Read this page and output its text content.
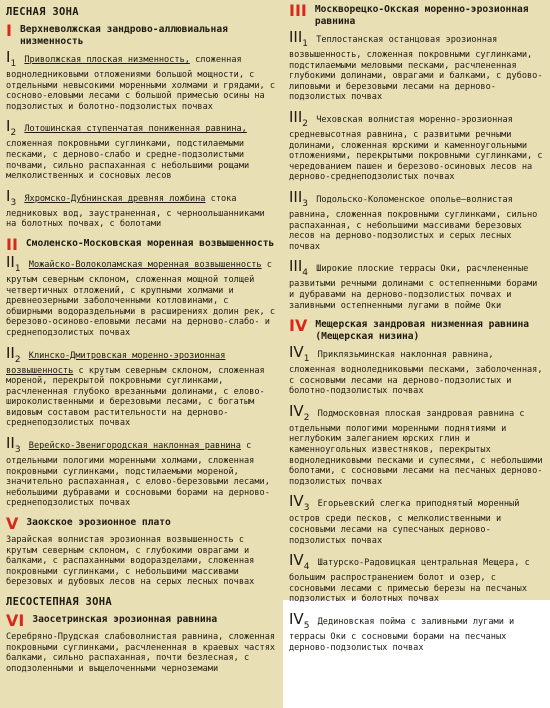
ЛЕСНАЯ ЗОНА
I Верхневолжская зандрово-аллювиальная низменность
$I_1$ Приволжская плоская низменность, сложенная водноледниковыми отложениями большой мощности, с отдельными невысокими моренными холмами и грядами, с сосново-еловыми лесами с большой примесью осины на подзолистых и болотно-подзолистых почвах
$I_2$ Лотошинская ступенчатая пониженная равнина, сложенная покровными суглинками, подстилаемыми песками, с дерново-слабо и средне-подзолистыми почвами, сильно распаханная с небольшими рощами мелколиственных и сосновых лесов
$I_3$ Яхромско-Дубнинская древняя ложбина стока ледниковых вод, заустраненная, с черноольшанниками на болотных почвах, с болотами
II Смоленско-Московская моренная возвышенность
$II_1$ Можайско-Волоколамская моренная возвышенность с крутым северным склоном, сложенная мощной толщей четвертичных отложений, с крупными холмами и древнеозерными заболоченными котловинами, с обширными водораздельными в расширениях долин рек, с березово-осиново-еловыми лесами на дерново-слабо- и среднеподзолистых почвах
$II_2$ Клинско-Дмитровская моренно-эрозионная возвышенность с крутым северным склоном, сложенная мореной, перекрытой покровными суглинками, расчлененная глубоко врезанными долинами, с елово-широколиственными и березовыми лесами, с богатым видовым составом растительности на дерново-среднеподзолистых почвах
$II_3$ Верейско-Звенигородская наклонная равнина с отдельными пологими моренными холмами, сложенная покровными суглинками, подстилаемыми мореной, значительно распаханная, с елово-березовыми лесами, небольшими дубравами и сосновыми борами на дерново-среднеподзолистых почвах
V Заокское эрозионное плато
Зарайская волнистая эрозионная возвышенность с крутым северным склоном, с глубокими оврагами и балками, с распаханными водоразделами, сложенная покровными суглинками, с небольшими массивами березовых и дубовых лесов на серых лесных почвах
ЛЕСОСТЕПНАЯ ЗОНА
VI Заосетринская эрозионная равнина
Серебряно-Прудская слабоволнистая равнина, сложенная покровными суглинками, расчлененная в краевых частях балками, сильно распаханная, почти безлесная, с оподзоленными и выщелоченными черноземами
III Москворецко-Окская моренно-эрозионная равнина
$III_1$ Теплостанская останцовая эрозионная возвышенность, сложенная покровными суглинками, подстилаемыми меловыми песками, расчлененная глубокими долинами, оврагами и балками, с дубово-липовыми и березовыми лесами на дерново-подзолистых почвах
$III_2$ Чеховская волнистая моренно-эрозионная средневысотная равнина, с развитыми речными долинами, сложенная юрскими и каменноугольными отложениями, перекрытыми покровными суглинками, с чередованием пашен и березово-осиновых лесов на дерново-среднеподзолистых почвах
$III_3$ Подольско-Коломенское ополье—волнистая равнина, сложенная покровными суглинками, сильно распаханная, с небольшими массивами березовых лесов на дерново-подзолистых и серых лесных почвах
$III_4$ Широкие плоские террасы Оки, расчлененные развитыми речными долинами с остепненными борами и дубравами на дерново-подзолистых почвах и заливными остепненными лугами в пойме Оки
IV Мещерская зандровая низменная равнина (Мещерская низина)
$IV_1$ Приклязьминская наклонная равнина, сложенная водноледниковыми песками, заболоченная, с сосновыми лесами на дерново-подзолистых и болотно-подзолистых почвах
$IV_2$ Подмосковная плоская зандровая равнина с отдельными пологими моренными поднятиями и неглубоким залеганием юрских глин и каменноугольных известняков, перекрытых водноледниковыми песками и супесями, с небольшими болотами, с сосновыми лесами на песчаных дерново-подзолистых почвах
$IV_3$ Егорьевский слегка приподнятый моренный остров среди песков, с мелколиственными и сосновыми лесами на супесчаных дерново-подзолистых почвах
$IV_4$ Шатурско-Радовицкая центральная Мещера, с большим распространением болот и озер, с сосновыми лесами с примесью березы на песчаных подзолистых и болотных почвах
$IV_5$ Дединовская пойма с заливными лугами и террасы Оки с сосновыми борами на песчаных дерново-подзолистых почвах
